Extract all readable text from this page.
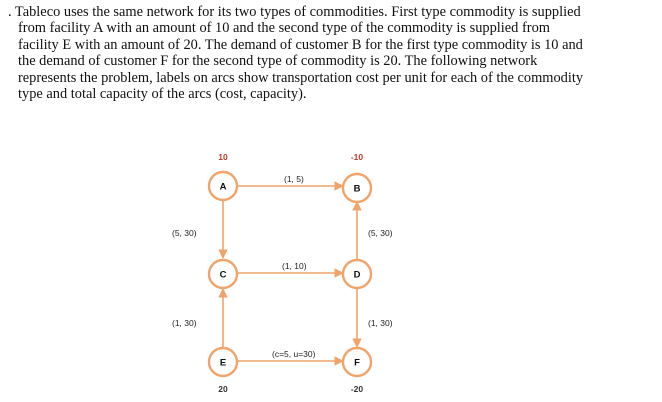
. Tableco uses the same network for its two types of commodities. First type commodity is supplied
from facility A with an amount of 10 and the second type of the commodity is supplied from
facility E with an amount of 20. The demand of customer B for the first type commodity is 10 and
the demand of customer F for the second type of commodity is 20. The following network
represents the problem, labels on arcs show transportation cost per unit for each of the commodity
type and total capacity of the arcs (cost, capacity).
(1, 5)
(5, 30)	(5, 30)
(1, 10)
(1, 30)	(1, 30)
(c=5, u=30)
10	-10
20	-20
A	B
C	D
E	F
